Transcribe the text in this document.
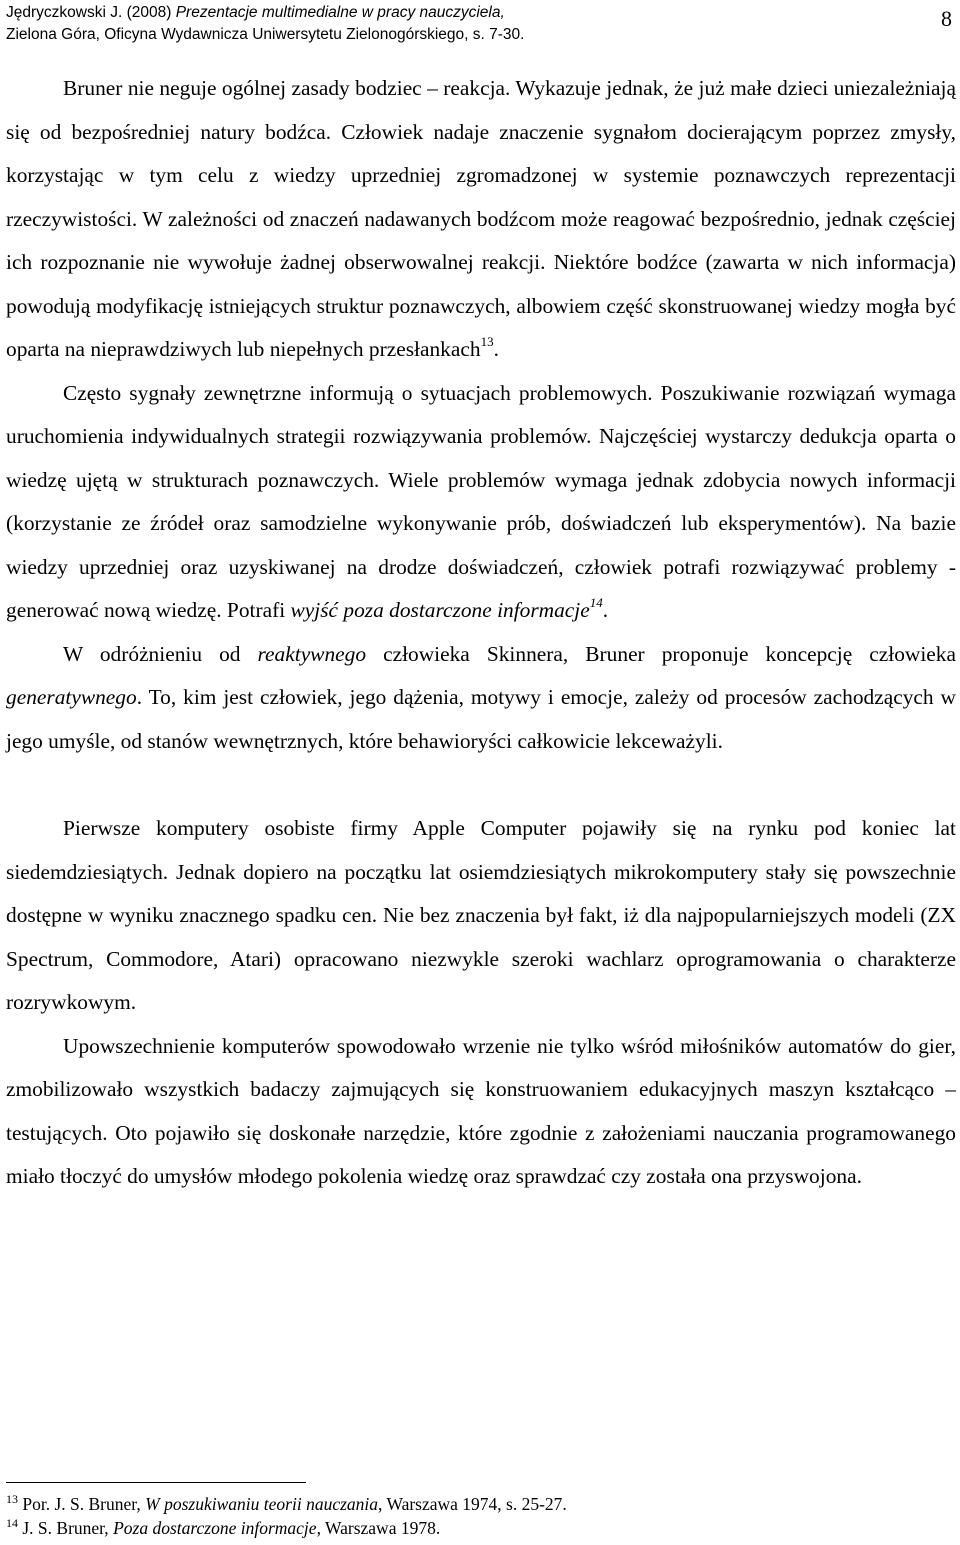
Jędryczkowski J. (2008) Prezentacje multimedialne w pracy nauczyciela,
Zielona Góra, Oficyna Wydawnicza Uniwersytetu Zielonogórskiego, s. 7-30.
8

Bruner nie neguje ogólnej zasady bodziec – reakcja. Wykazuje jednak, że już małe dzieci uniezależniają się od bezpośredniej natury bodźca. Człowiek nadaje znaczenie sygnałom docierającym poprzez zmysły, korzystając w tym celu z wiedzy uprzedniej zgromadzonej w systemie poznawczych reprezentacji rzeczywistości. W zależności od znaczeń nadawanych bodźcom może reagować bezpośrednio, jednak częściej ich rozpoznanie nie wywołuje żadnej obserwowalnej reakcji. Niektóre bodźce (zawarta w nich informacja) powodują modyfikację istniejących struktur poznawczych, albowiem część skonstruowanej wiedzy mogła być oparta na nieprawdziwych lub niepełnych przesłankach$^{13}$.

Często sygnały zewnętrzne informują o sytuacjach problemowych. Poszukiwanie rozwiązań wymaga uruchomienia indywidualnych strategii rozwiązywania problemów. Najczęściej wystarczy dedukcja oparta o wiedzę ujętą w strukturach poznawczych. Wiele problemów wymaga jednak zdobycia nowych informacji (korzystanie ze źródeł oraz samodzielne wykonywanie prób, doświadczeń lub eksperymentów). Na bazie wiedzy uprzedniej oraz uzyskiwanej na drodze doświadczeń, człowiek potrafi rozwiązywać problemy - generować nową wiedzę. Potrafi wyjść poza dostarczone informacje$^{14}$.

W odróżnieniu od reaktywnego człowieka Skinnera, Bruner proponuje koncepcję człowieka generatywnego. To, kim jest człowiek, jego dążenia, motywy i emocje, zależy od procesów zachodzących w jego umyśle, od stanów wewnętrznych, które behawioryści całkowicie lekceważyli.

Pierwsze komputery osobiste firmy Apple Computer pojawiły się na rynku pod koniec lat siedemdziesiątych. Jednak dopiero na początku lat osiemdziesiątych mikrokomputery stały się powszechnie dostępne w wyniku znacznego spadku cen. Nie bez znaczenia był fakt, iż dla najpopularniejszych modeli (ZX Spectrum, Commodore, Atari) opracowano niezwykle szeroki wachlarz oprogramowania o charakterze rozrywkowym.

Upowszechnienie komputerów spowodowało wrzenie nie tylko wśród miłośników automatów do gier, zmobilizowało wszystkich badaczy zajmujących się konstruowaniem edukacyjnych maszyn kształcąco – testujących. Oto pojawiło się doskonałe narzędzie, które zgodnie z założeniami nauczania programowanego miało tłoczyć do umysłów młodego pokolenia wiedzę oraz sprawdzać czy została ona przyswojona.

$^{13}$ Por. J. S. Bruner, W poszukiwaniu teorii nauczania, Warszawa 1974, s. 25-27.
$^{14}$ J. S. Bruner, Poza dostarczone informacje, Warszawa 1978.
